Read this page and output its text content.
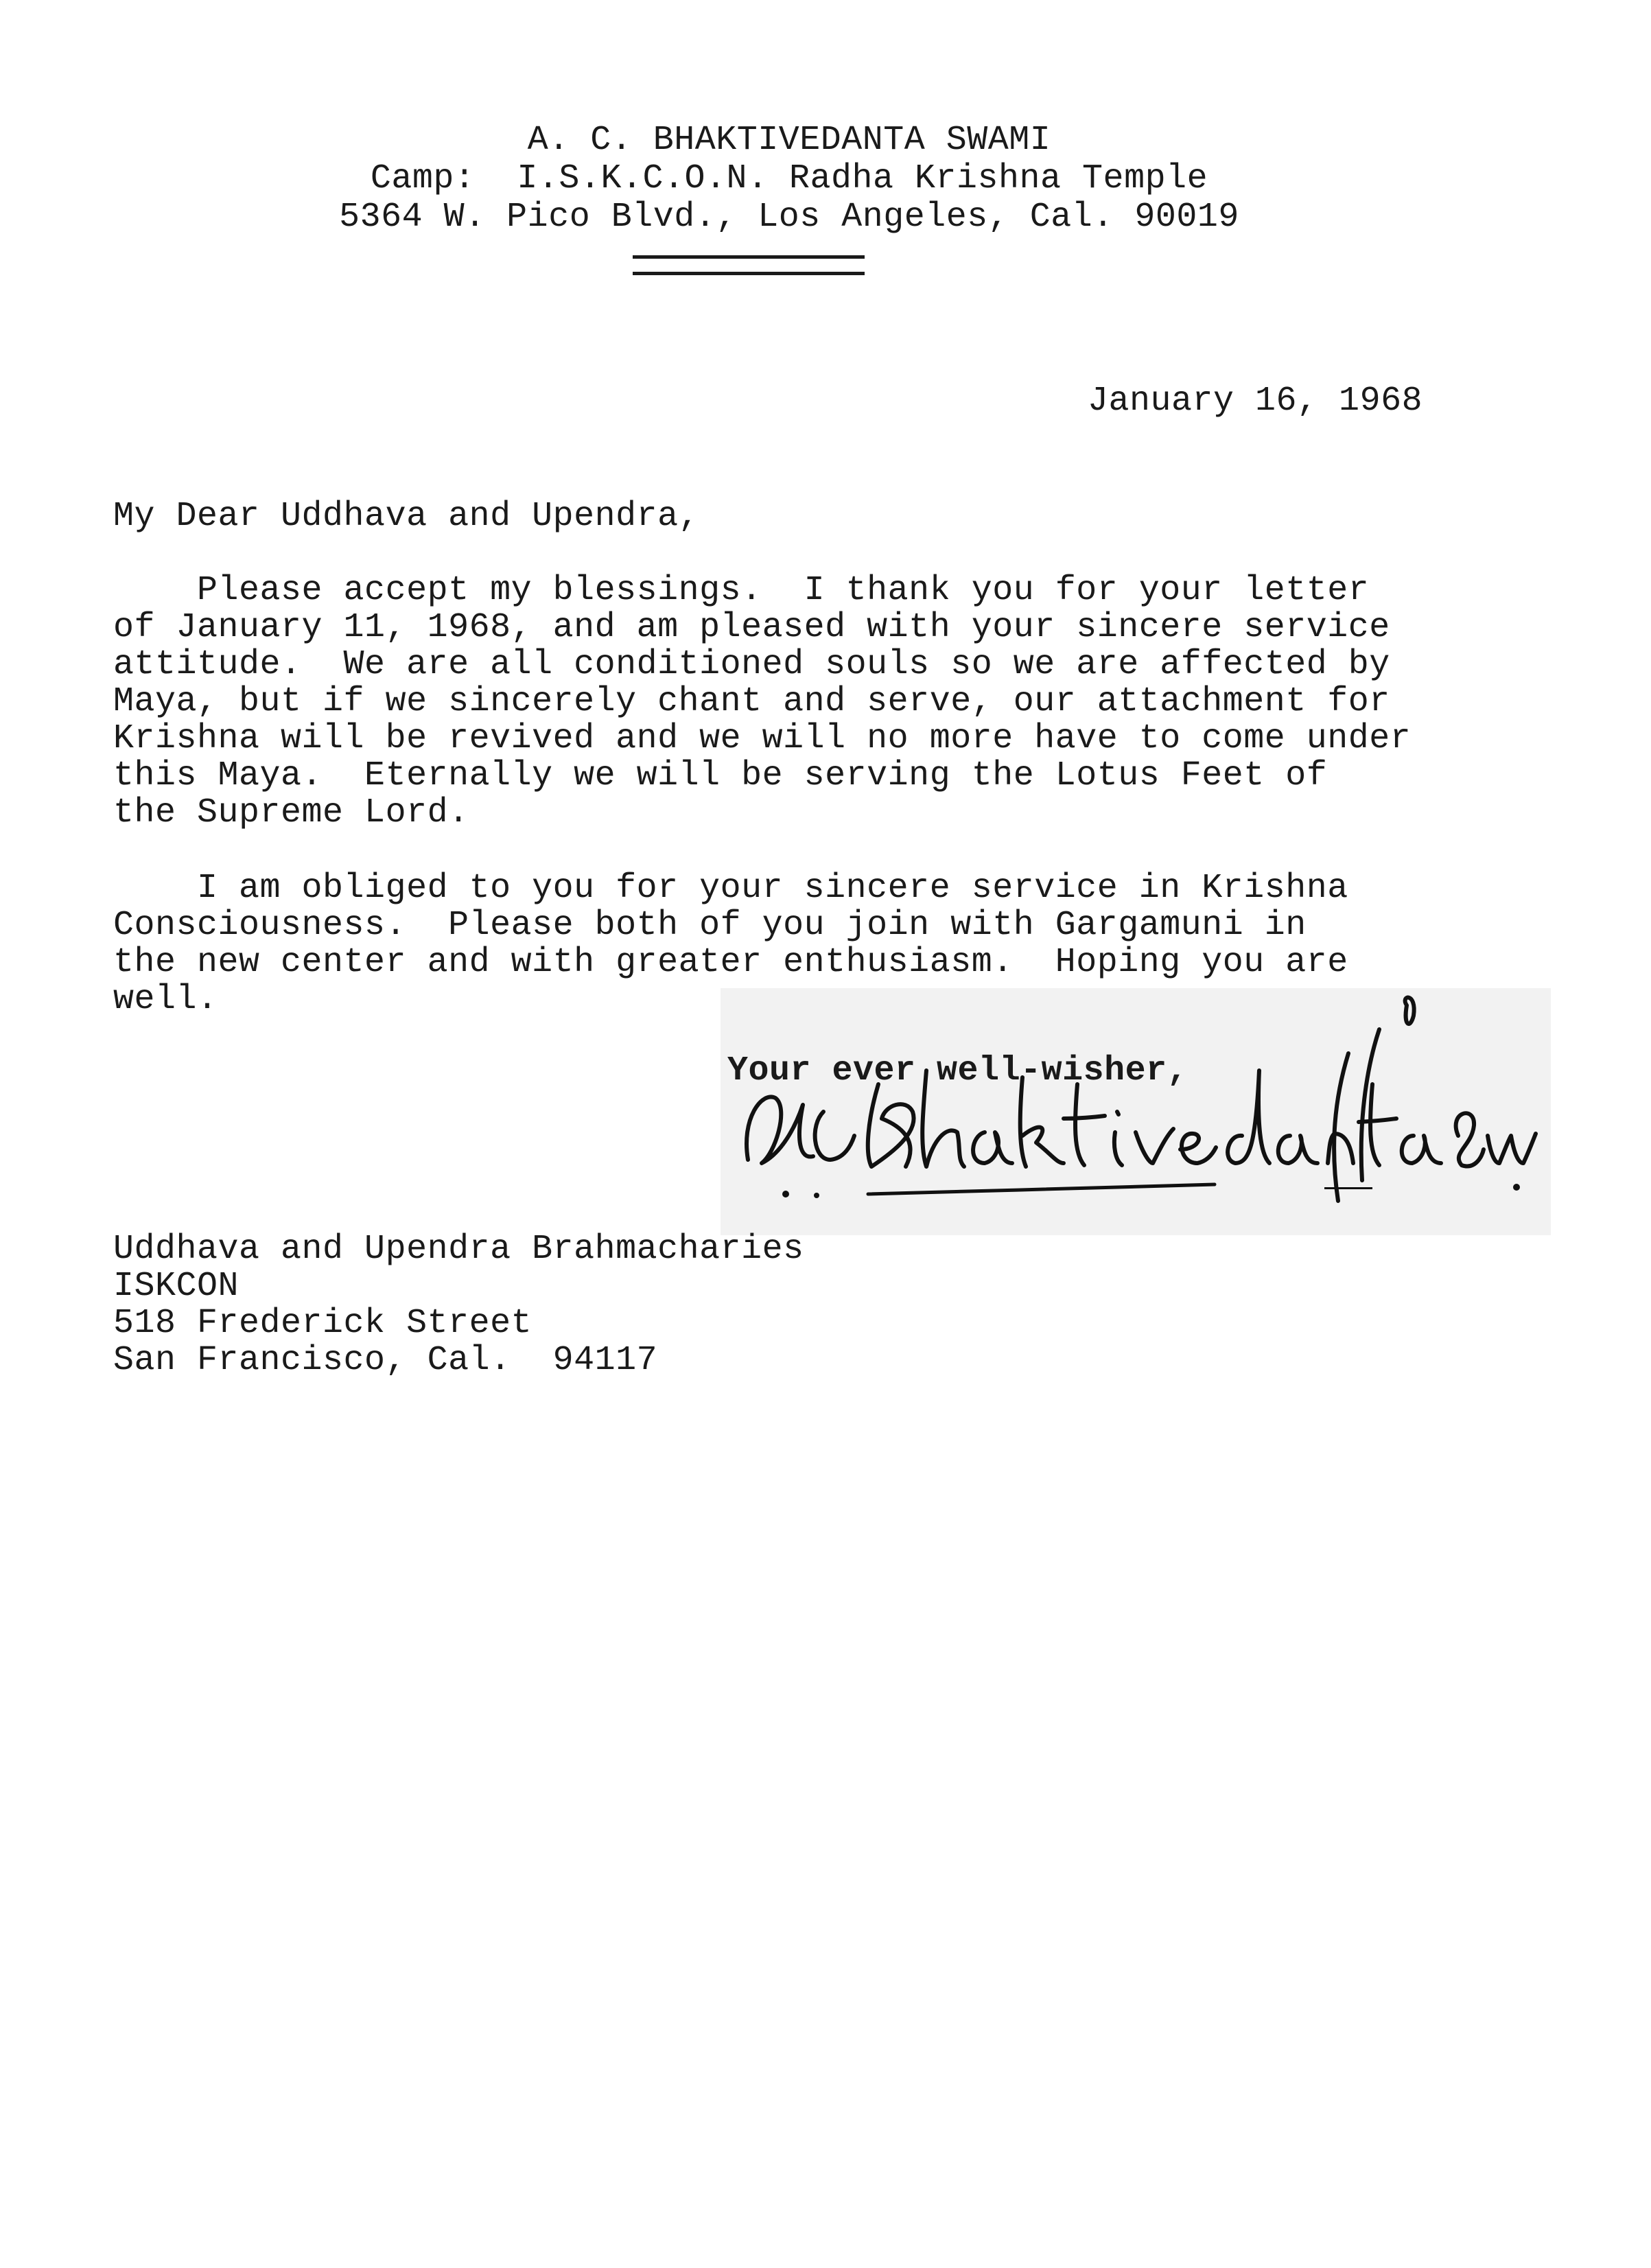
A. C. BHAKTIVEDANTA SWAMI
Camp:  I.S.K.C.O.N. Radha Krishna Temple
5364 W. Pico Blvd., Los Angeles, Cal. 90019
January 16, 1968
My Dear Uddhava and Upendra,
Please accept my blessings.  I thank you for your letter
of January 11, 1968, and am pleased with your sincere service
attitude.  We are all conditioned souls so we are affected by
Maya, but if we sincerely chant and serve, our attachment for
Krishna will be revived and we will no more have to come under
this Maya.  Eternally we will be serving the Lotus Feet of
the Supreme Lord.
I am obliged to you for your sincere service in Krishna
Consciousness.  Please both of you join with Gargamuni in
the new center and with greater enthusiasm.  Hoping you are
well.
Your ever well-wisher,
Uddhava and Upendra Brahmacharies
ISKCON
518 Frederick Street
San Francisco, Cal.  94117
